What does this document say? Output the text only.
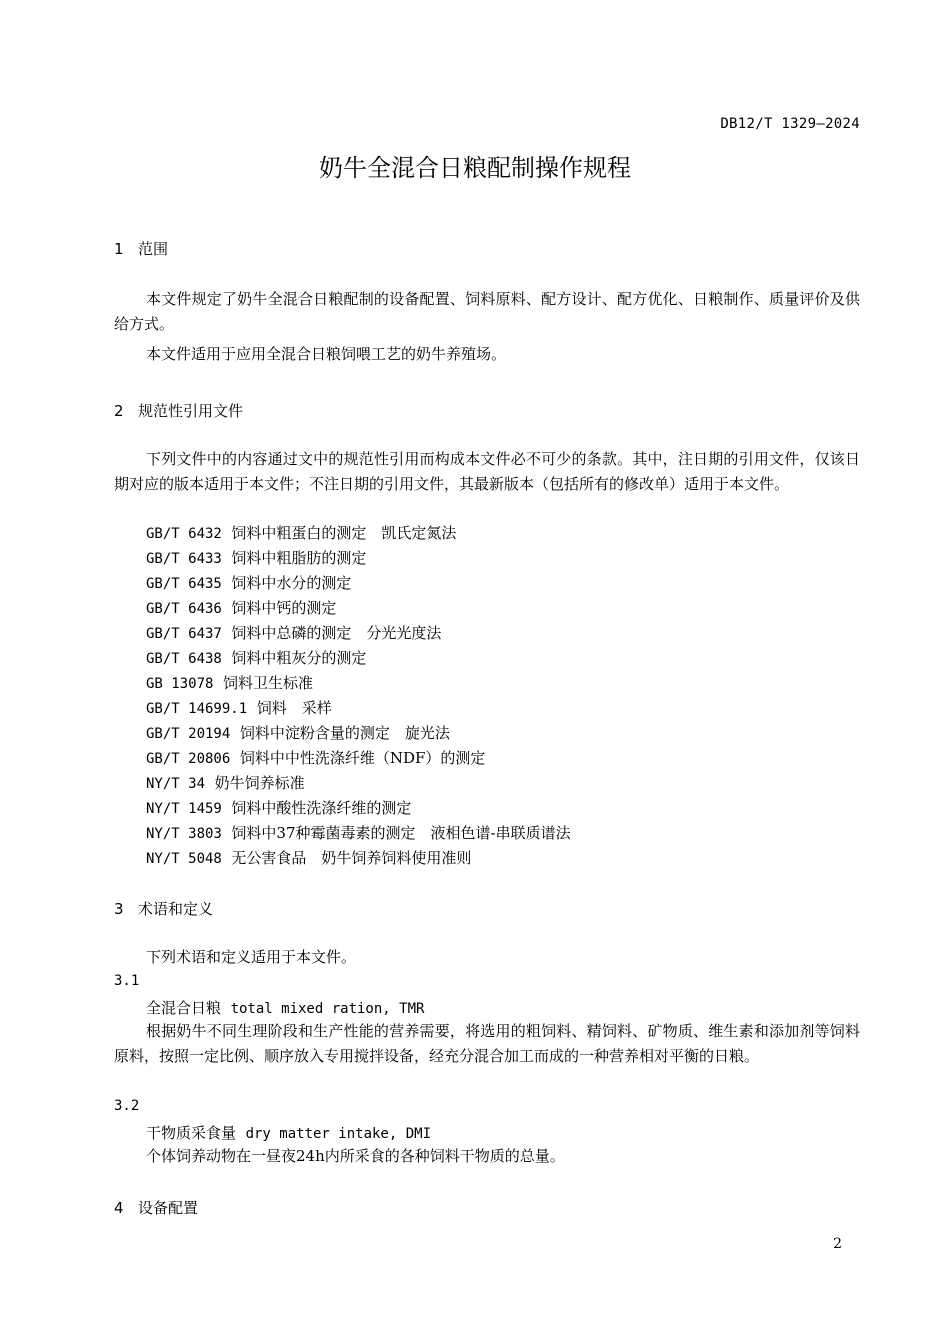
DB12/T 1329—2024
奶牛全混合日粮配制操作规程
1 范围

本文件规定了奶牛全混合日粮配制的设备配置、饲料原料、配方设计、配方优化、日粮制作、质量评价及供给方式。

本文件适用于应用全混合日粮饲喂工艺的奶牛养殖场。

2 规范性引用文件

下列文件中的内容通过文中的规范性引用而构成本文件必不可少的条款。其中，注日期的引用文件，仅该日期对应的版本适用于本文件；不注日期的引用文件，其最新版本（包括所有的修改单）适用于本文件。

GB/T 6432 饲料中粗蛋白的测定　凯氏定氮法
GB/T 6433 饲料中粗脂肪的测定
GB/T 6435 饲料中水分的测定
GB/T 6436 饲料中钙的测定
GB/T 6437 饲料中总磷的测定　分光光度法
GB/T 6438 饲料中粗灰分的测定
GB 13078 饲料卫生标准
GB/T 14699.1 饲料　采样
GB/T 20194 饲料中淀粉含量的测定　旋光法
GB/T 20806 饲料中中性洗涤纤维（NDF）的测定
NY/T 34 奶牛饲养标准
NY/T 1459 饲料中酸性洗涤纤维的测定
NY/T 3803 饲料中37种霉菌毒素的测定　液相色谱-串联质谱法
NY/T 5048 无公害食品　奶牛饲养饲料使用准则
3 术语和定义

下列术语和定义适用于本文件。

3.1
全混合日粮 total mixed ration, TMR

根据奶牛不同生理阶段和生产性能的营养需要，将选用的粗饲料、精饲料、矿物质、维生素和添加剂等饲料原料，按照一定比例、顺序放入专用搅拌设备，经充分混合加工而成的一种营养相对平衡的日粮。

3.2
干物质采食量 dry matter intake, DMI

个体饲养动物在一昼夜24h内所采食的各种饲料干物质的总量。

4 设备配置
2
